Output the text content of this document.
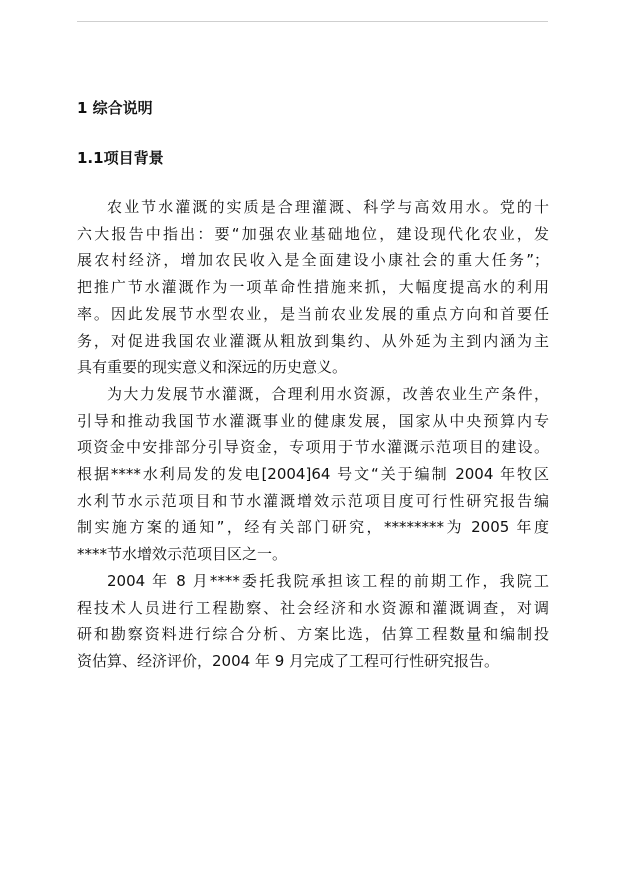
1 综合说明
1.1项目背景
农业节水灌溉的实质是合理灌溉、科学与高效用水。党的十
六大报告中指出：要“加强农业基础地位，建设现代化农业，发
展农村经济，增加农民收入是全面建设小康社会的重大任务”；
把推广节水灌溉作为一项革命性措施来抓，大幅度提高水的利用
率。因此发展节水型农业，是当前农业发展的重点方向和首要任
务，对促进我国农业灌溉从粗放到集约、从外延为主到内涵为主
具有重要的现实意义和深远的历史意义。
为大力发展节水灌溉，合理利用水资源，改善农业生产条件，
引导和推动我国节水灌溉事业的健康发展，国家从中央预算内专
项资金中安排部分引导资金，专项用于节水灌溉示范项目的建设。
根据****水利局发的发电[2004]64 号文“关于编制 2004 年牧区
水利节水示范项目和节水灌溉增效示范项目度可行性研究报告编
制实施方案的通知”，经有关部门研究，********为 2005 年度
****节水增效示范项目区之一。
2004 年 8 月****委托我院承担该工程的前期工作，我院工
程技术人员进行工程勘察、社会经济和水资源和灌溉调查，对调
研和勘察资料进行综合分析、方案比选，估算工程数量和编制投
资估算、经济评价，2004 年 9 月完成了工程可行性研究报告。
